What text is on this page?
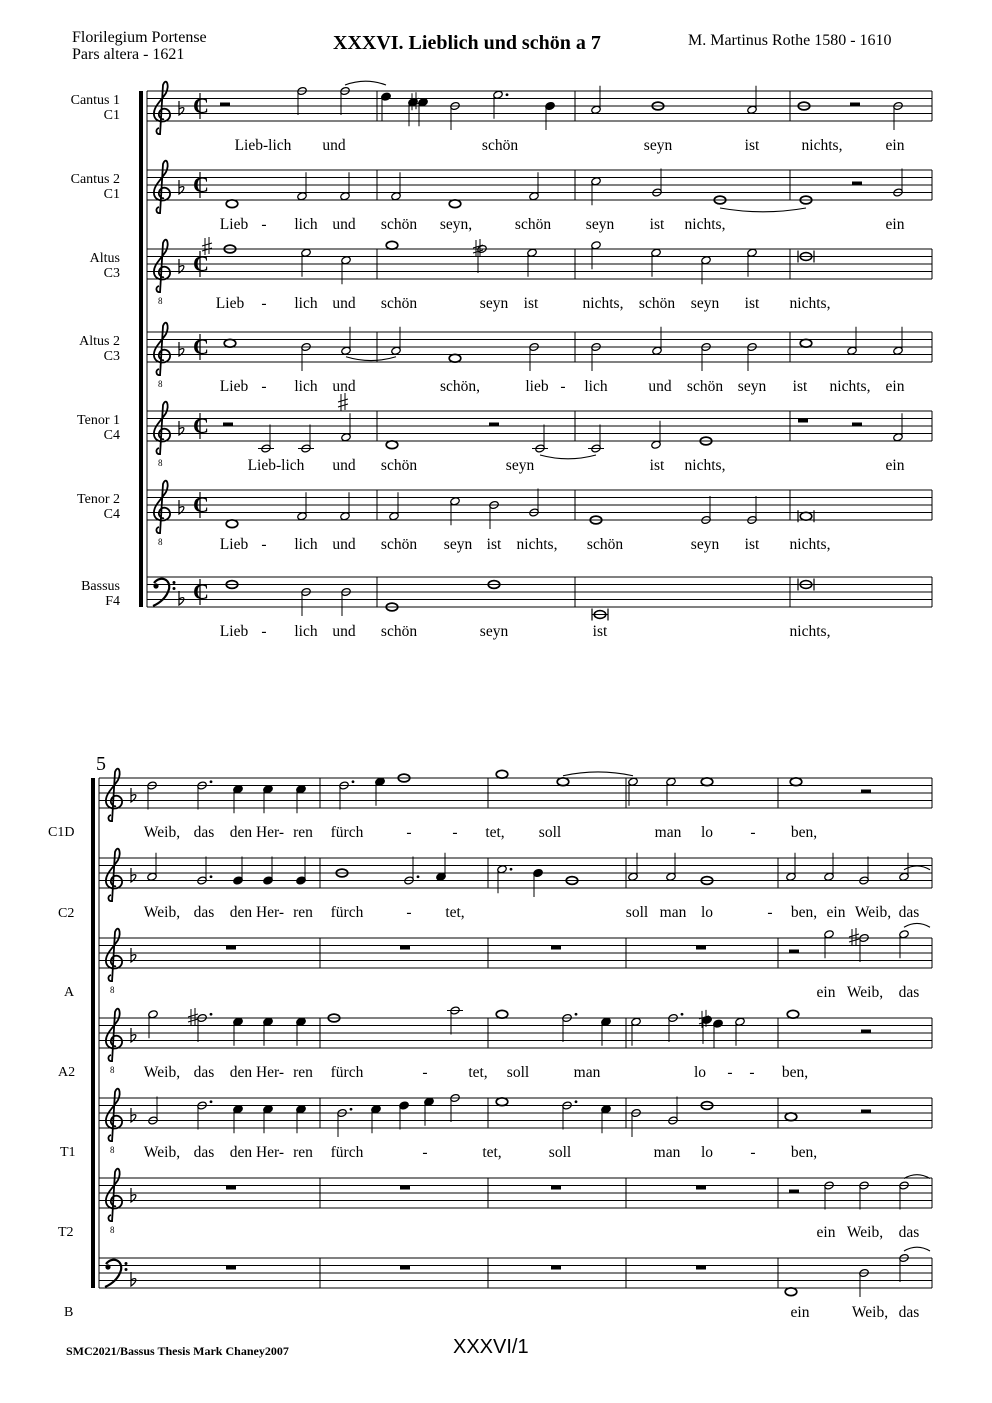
Florilegium Portense
Pars altera - 1621
XXXVI. Lieblich und schön a 7	M. Martinus Rothe 1580 - 1610
Cantus 1
C1
Cantus 2
C1
Altus
C3
Altus 2
C3
Tenor 1
C4
Tenor 2
C4
Bassus
F4
C1D
C2
A
A2
T1
T2
B
C
Lieb-lich und	schön	seyn	ist	nichts,	ein
C
Lieb - lich und schön seyn,	schön seyn ist nichts,	ein
8
C
Lieb - lich und schön	seyn ist	nichts, schön seyn ist nichts,
8
C
Lieb - lich und	schön,	lieb - lich	und schön seyn ist nichts, ein
8
C
Lieb-lich und schön	seyn	ist nichts,	ein
8
C
Lieb - lich und schön seyn ist nichts, schön	seyn ist nichts,
C
Lieb - lich und schön	seyn	ist	nichts,
Weib, das den Her- ren fürch	-	- tet, soll	man lo - ben,
Weib, das den Her- ren fürch	- tet,	soll man lo	- ben, ein Weib, das
8	ein Weib, das
8 Weib, das den Her- ren fürch	-	tet, soll	man	lo - - ben,
8 Weib, das den Her- ren fürch	-	tet,	soll	man lo - ben,
8	ein Weib, das
ein	Weib, das
5
SMC2021/Bassus Thesis Mark Chaney2007	XXXVI/1
